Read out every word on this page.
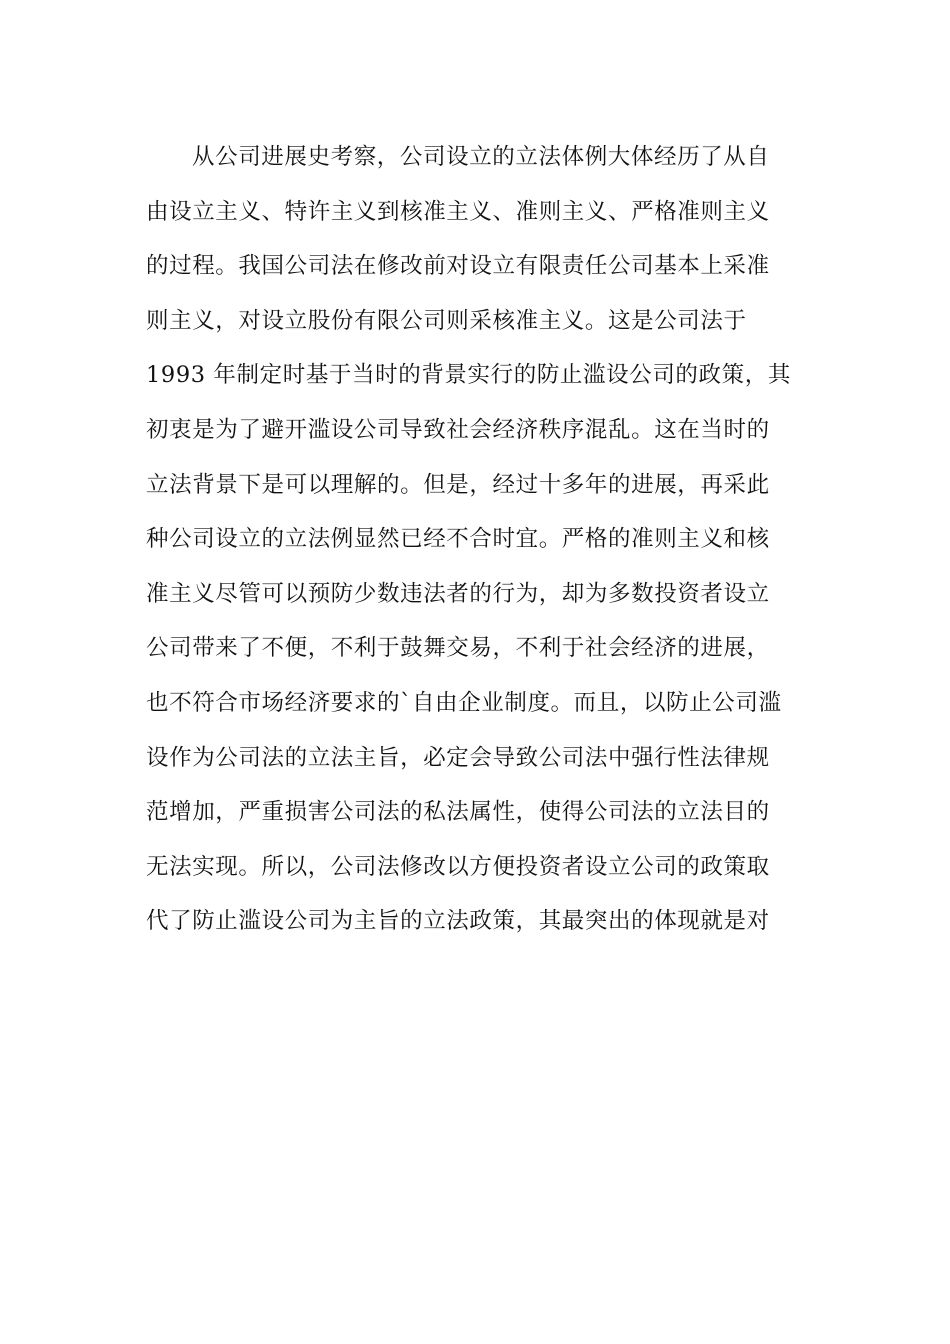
从公司进展史考察，公司设立的立法体例大体经历了从自
由设立主义、特许主义到核准主义、准则主义、严格准则主义
的过程。我国公司法在修改前对设立有限责任公司基本上采准
则主义，对设立股份有限公司则采核准主义。这是公司法于
1993 年制定时基于当时的背景实行的防止滥设公司的政策，其
初衷是为了避开滥设公司导致社会经济秩序混乱。这在当时的
立法背景下是可以理解的。但是，经过十多年的进展，再采此
种公司设立的立法例显然已经不合时宜。严格的准则主义和核
准主义尽管可以预防少数违法者的行为，却为多数投资者设立
公司带来了不便，不利于鼓舞交易，不利于社会经济的进展，
也不符合市场经济要求的`自由企业制度。而且，以防止公司滥
设作为公司法的立法主旨，必定会导致公司法中强行性法律规
范增加，严重损害公司法的私法属性，使得公司法的立法目的
无法实现。所以，公司法修改以方便投资者设立公司的政策取
代了防止滥设公司为主旨的立法政策，其最突出的体现就是对
